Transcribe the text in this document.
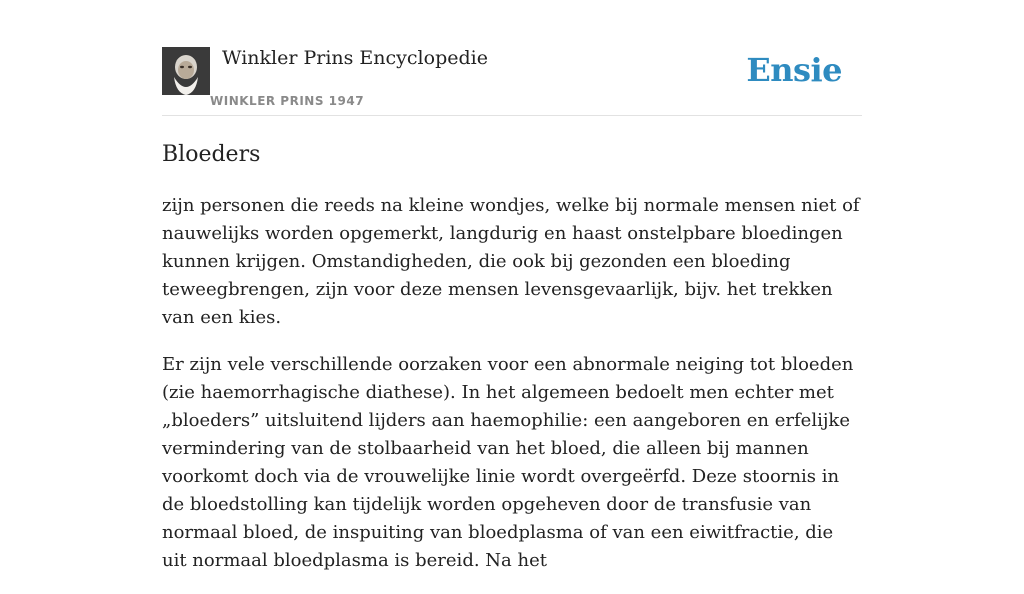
Winkler Prins Encyclopedie
WINKLER PRINS 1947
Ensie
Bloeders

zijn personen die reeds na kleine wondjes, welke bij normale mensen niet of nauwelijks worden opgemerkt, langdurig en haast onstelpbare bloedingen kunnen krijgen. Omstandigheden, die ook bij gezonden een bloeding teweegbrengen, zijn voor deze mensen levensgevaarlijk, bijv. het trekken van een kies.

Er zijn vele verschillende oorzaken voor een abnormale neiging tot bloeden (zie haemorrhagische diathese). In het algemeen bedoelt men echter met „bloeders” uitsluitend lijders aan haemophilie: een aangeboren en erfelijke vermindering van de stolbaarheid van het bloed, die alleen bij mannen voorkomt doch via de vrouwelijke linie wordt overgeërfd. Deze stoornis in de bloedstolling kan tijdelijk worden opgeheven door de transfusie van normaal bloed, de inspuiting van bloedplasma of van een eiwitfractie, die uit normaal bloedplasma is bereid. Na het
